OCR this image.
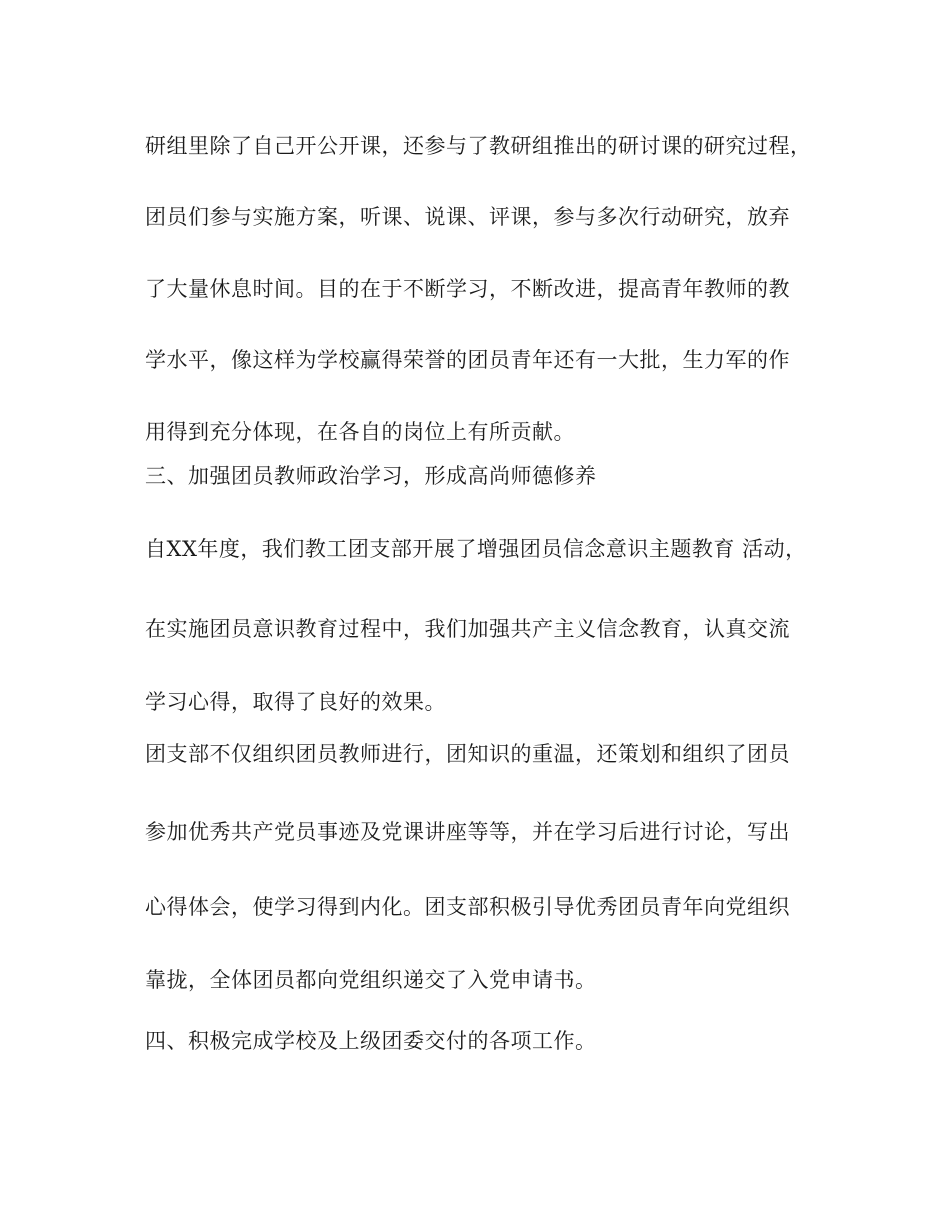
研组里除了自己开公开课，还参与了教研组推出的研讨课的研究过程，

团员们参与实施方案，听课、说课、评课，参与多次行动研究，放弃

了大量休息时间。目的在于不断学习，不断改进，提高青年教师的教

学水平，像这样为学校赢得荣誉的团员青年还有一大批，生力军的作

用得到充分体现，在各自的岗位上有所贡献。

三、加强团员教师政治学习，形成高尚师德修养

自XX年度，我们教工团支部开展了增强团员信念意识主题教育 活动，

在实施团员意识教育过程中，我们加强共产主义信念教育，认真交流

学习心得，取得了良好的效果。

团支部不仅组织团员教师进行，团知识的重温，还策划和组织了团员

参加优秀共产党员事迹及党课讲座等等，并在学习后进行讨论，写出

心得体会，使学习得到内化。团支部积极引导优秀团员青年向党组织

靠拢，全体团员都向党组织递交了入党申请书。

四、积极完成学校及上级团委交付的各项工作。
